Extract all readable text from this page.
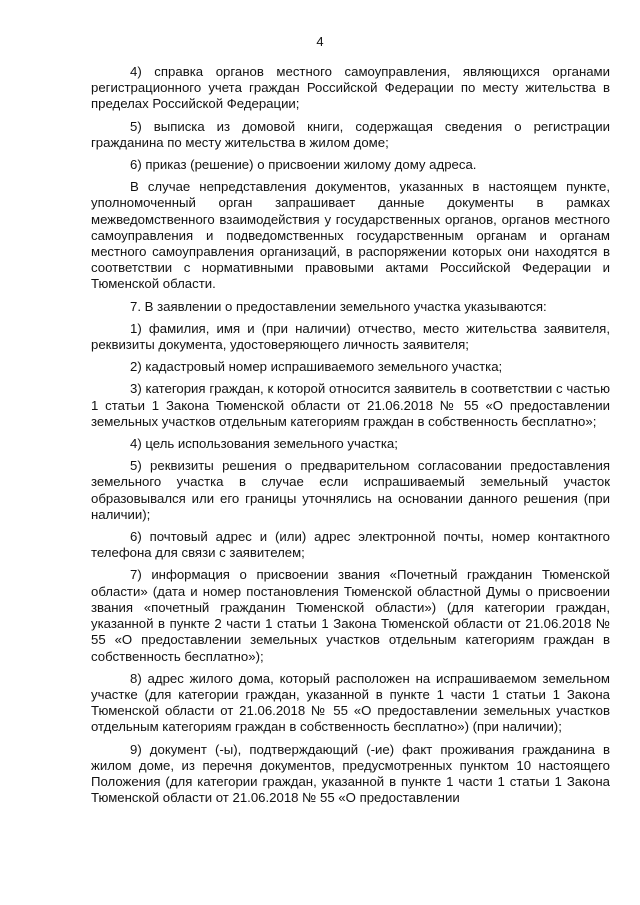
4

4) справка органов местного самоуправления, являющихся органами регистрационного учета граждан Российской Федерации по месту жительства в пределах Российской Федерации;

5) выписка из домовой книги, содержащая сведения о регистрации гражданина по месту жительства в жилом доме;

6) приказ (решение) о присвоении жилому дому адреса.

В случае непредставления документов, указанных в настоящем пункте, уполномоченный орган запрашивает данные документы в рамках межведомственного взаимодействия у государственных органов, органов местного самоуправления и подведомственных государственным органам и органам местного самоуправления организаций, в распоряжении которых они находятся в соответствии с нормативными правовыми актами Российской Федерации и Тюменской области.

7. В заявлении о предоставлении земельного участка указываются:

1) фамилия, имя и (при наличии) отчество, место жительства заявителя, реквизиты документа, удостоверяющего личность заявителя;

2) кадастровый номер испрашиваемого земельного участка;

3) категория граждан, к которой относится заявитель в соответствии с частью 1 статьи 1 Закона Тюменской области от 21.06.2018 № 55 «О предоставлении земельных участков отдельным категориям граждан в собственность бесплатно»;

4) цель использования земельного участка;

5) реквизиты решения о предварительном согласовании предоставления земельного участка в случае если испрашиваемый земельный участок образовывался или его границы уточнялись на основании данного решения (при наличии);

6) почтовый адрес и (или) адрес электронной почты, номер контактного телефона для связи с заявителем;

7) информация о присвоении звания «Почетный гражданин Тюменской области» (дата и номер постановления Тюменской областной Думы о присвоении звания «почетный гражданин Тюменской области») (для категории граждан, указанной в пункте 2 части 1 статьи 1 Закона Тюменской области от 21.06.2018 № 55 «О предоставлении земельных участков отдельным категориям граждан в собственность бесплатно»);

8) адрес жилого дома, который расположен на испрашиваемом земельном участке (для категории граждан, указанной в пункте 1 части 1 статьи 1 Закона Тюменской области от 21.06.2018 № 55 «О предоставлении земельных участков отдельным категориям граждан в собственность бесплатно») (при наличии);

9) документ (-ы), подтверждающий (-ие) факт проживания гражданина в жилом доме, из перечня документов, предусмотренных пунктом 10 настоящего Положения (для категории граждан, указанной в пункте 1 части 1 статьи 1 Закона Тюменской области от 21.06.2018 № 55 «О предоставлении
